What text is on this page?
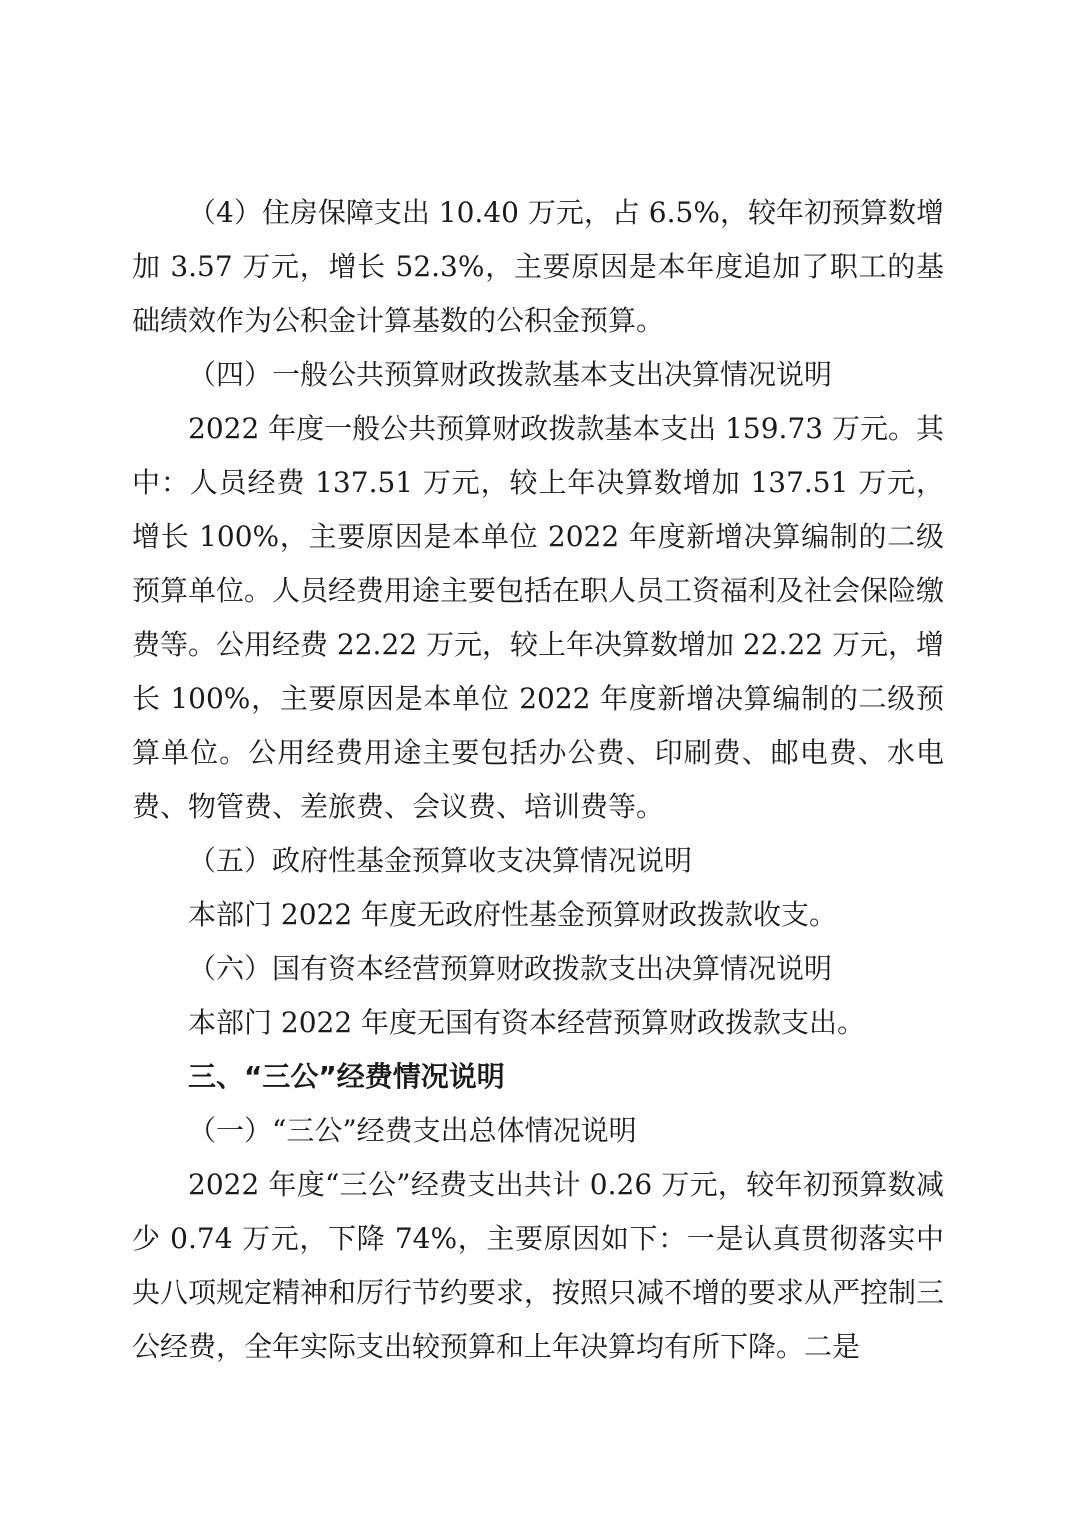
（4）住房保障支出 10.40 万元，占 6.5%，较年初预算数增加 3.57 万元，增长 52.3%，主要原因是本年度追加了职工的基础绩效作为公积金计算基数的公积金预算。

（四）一般公共预算财政拨款基本支出决算情况说明

2022 年度一般公共预算财政拨款基本支出 159.73 万元。其中：人员经费 137.51 万元，较上年决算数增加 137.51 万元，增长 100%，主要原因是本单位 2022 年度新增决算编制的二级预算单位。人员经费用途主要包括在职人员工资福利及社会保险缴费等。公用经费 22.22 万元，较上年决算数增加 22.22 万元，增长 100%，主要原因是本单位 2022 年度新增决算编制的二级预算单位。公用经费用途主要包括办公费、印刷费、邮电费、水电费、物管费、差旅费、会议费、培训费等。

（五）政府性基金预算收支决算情况说明

本部门 2022 年度无政府性基金预算财政拨款收支。

（六）国有资本经营预算财政拨款支出决算情况说明

本部门 2022 年度无国有资本经营预算财政拨款支出。

三、“三公”经费情况说明

（一）“三公”经费支出总体情况说明

2022 年度“三公”经费支出共计 0.26 万元，较年初预算数减少 0.74 万元，下降 74%，主要原因如下：一是认真贯彻落实中央八项规定精神和厉行节约要求，按照只减不增的要求从严控制三公经费，全年实际支出较预算和上年决算均有所下降。二是
